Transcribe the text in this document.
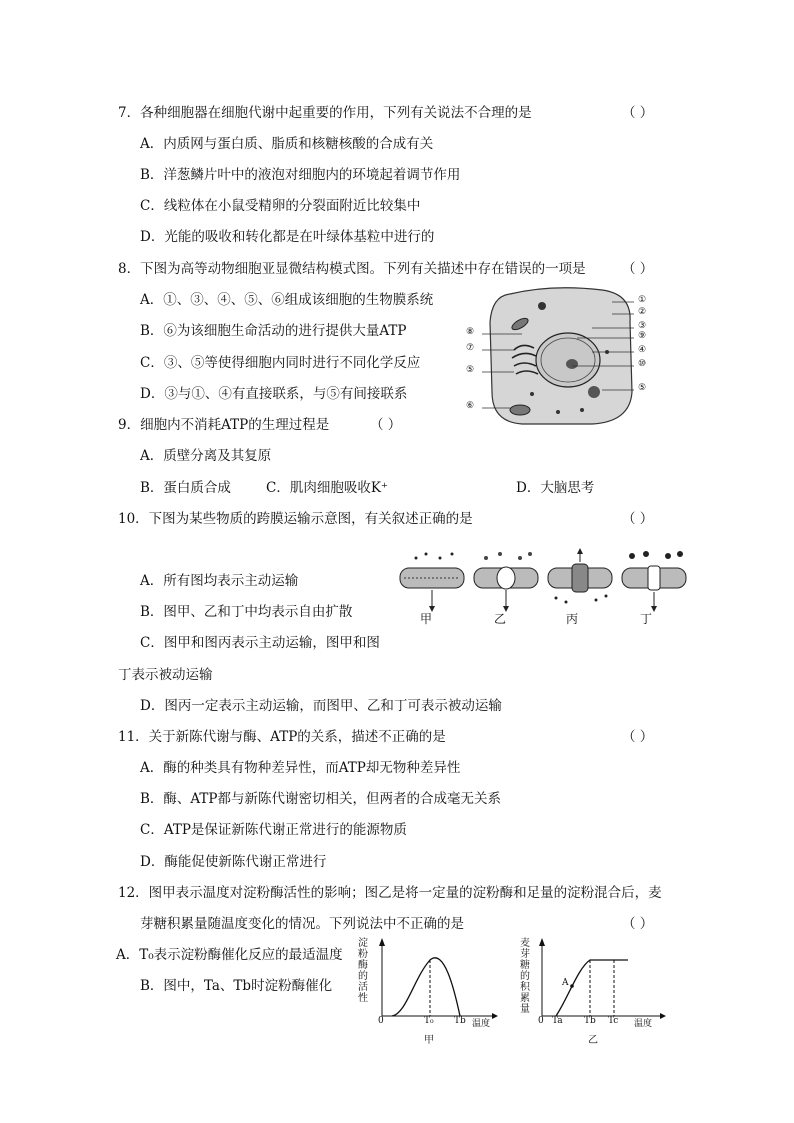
7．各种细胞器在细胞代谢中起重要的作用，下列有关说法不合理的是	（ ）
A．内质网与蛋白质、脂质和核糖核酸的合成有关
B．洋葱鳞片叶中的液泡对细胞内的环境起着调节作用
C．线粒体在小鼠受精卵的分裂面附近比较集中
D．光能的吸收和转化都是在叶绿体基粒中进行的
8．下图为高等动物细胞亚显微结构模式图。下列有关描述中存在错误的一项是	（ ）
A．①、③、④、⑤、⑥组成该细胞的生物膜系统
B．⑥为该细胞生命活动的进行提供大量ATP
C．③、⑤等使得细胞内同时进行不同化学反应
D．③与①、④有直接联系，与⑤有间接联系
①
②
③
⑨
④
⑩
⑤
⑧
⑦
⑤
⑥
9．细胞内不消耗ATP的生理过程是	（ ）
A．质壁分离及其复原
B．蛋白质合成	C．肌肉细胞吸收K⁺	D．大脑思考
10．下图为某些物质的跨膜运输示意图，有关叙述正确的是	（ ）
A．所有图均表示主动运输
B．图甲、乙和丁中均表示自由扩散
C．图甲和图丙表示主动运输，图甲和图
丁表示被动运输
D．图丙一定表示主动运输，而图甲、乙和丁可表示被动运输
甲	乙	丙	丁
11．关于新陈代谢与酶、ATP的关系，描述不正确的是	（ ）
A．酶的种类具有物种差异性，而ATP却无物种差异性
B．酶、ATP都与新陈代谢密切相关，但两者的合成毫无关系
C．ATP是保证新陈代谢正常进行的能源物质
D．酶能促使新陈代谢正常进行
12．图甲表示温度对淀粉酶活性的影响；图乙是将一定量的淀粉酶和足量的淀粉混合后，麦
芽糖积累量随温度变化的情况。下列说法中不正确的是	（ ）
A．T₀表示淀粉酶催化反应的最适温度
B．图中，Ta、Tb时淀粉酶催化
淀粉酶的活性
0	T₀ Tb 温度
甲
麦芽糖的积累量
A
0 Ta Tb Tc 温度
乙
